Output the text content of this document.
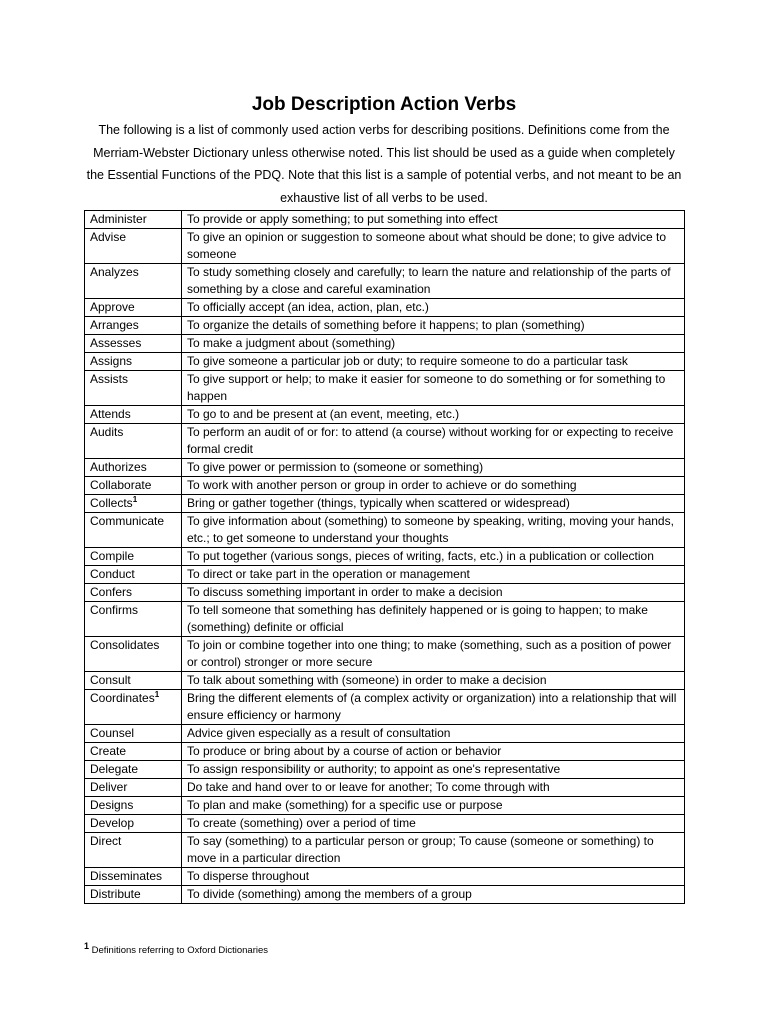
Job Description Action Verbs
The following is a list of commonly used action verbs for describing positions. Definitions come from the Merriam-Webster Dictionary unless otherwise noted. This list should be used as a guide when completely the Essential Functions of the PDQ. Note that this list is a sample of potential verbs, and not meant to be an exhaustive list of all verbs to be used.
Administer	To provide or apply something; to put something into effect
Advise	To give an opinion or suggestion to someone about what should be done; to give advice to someone
Analyzes	To study something closely and carefully; to learn the nature and relationship of the parts of something by a close and careful examination
Approve	To officially accept (an idea, action, plan, etc.)
Arranges	To organize the details of something before it happens; to plan (something)
Assesses	To make a judgment about (something)
Assigns	To give someone a particular job or duty; to require someone to do a particular task
Assists	To give support or help; to make it easier for someone to do something or for something to happen
Attends	To go to and be present at (an event, meeting, etc.)
Audits	To perform an audit of or for: to attend (a course) without working for or expecting to receive formal credit
Authorizes	To give power or permission to (someone or something)
Collaborate	To work with another person or group in order to achieve or do something
Collects$^1$	Bring or gather together (things, typically when scattered or widespread)
Communicate	To give information about (something) to someone by speaking, writing, moving your hands, etc.; to get someone to understand your thoughts
Compile	To put together (various songs, pieces of writing, facts, etc.) in a publication or collection
Conduct	To direct or take part in the operation or management
Confers	To discuss something important in order to make a decision
Confirms	To tell someone that something has definitely happened or is going to happen; to make (something) definite or official
Consolidates	To join or combine together into one thing; to make (something, such as a position of power or control) stronger or more secure
Consult	To talk about something with (someone) in order to make a decision
Coordinates$^1$	Bring the different elements of (a complex activity or organization) into a relationship that will ensure efficiency or harmony
Counsel	Advice given especially as a result of consultation
Create	To produce or bring about by a course of action or behavior
Delegate	To assign responsibility or authority; to appoint as one's representative
Deliver	Do take and hand over to or leave for another; To come through with
Designs	To plan and make (something) for a specific use or purpose
Develop	To create (something) over a period of time
Direct	To say (something) to a particular person or group; To cause (someone or something) to move in a particular direction
Disseminates	To disperse throughout
Distribute	To divide (something) among the members of a group
$^1$ Definitions referring to Oxford Dictionaries
